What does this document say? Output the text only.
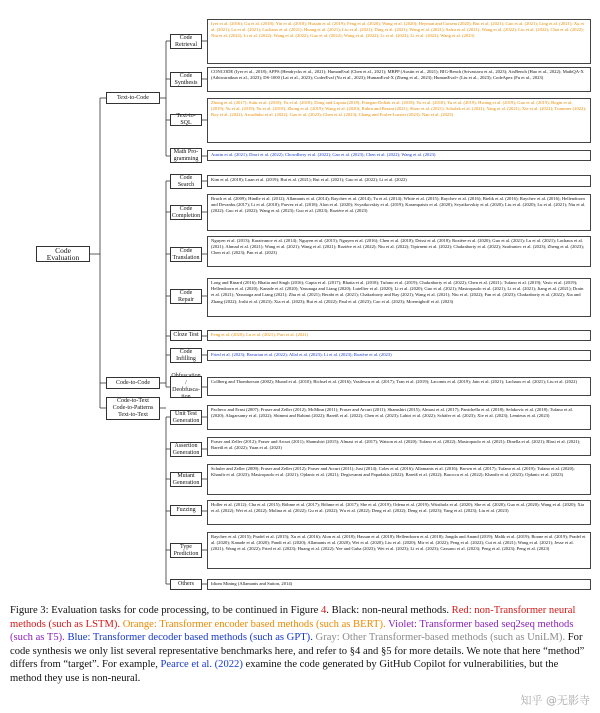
Code Evaluation
Text-to-Code
Code-to-Code
Code-to-Text
Code-to-Patterns
Text-to-Text
Code
Retrieval
Code
Synthesis
Text-to-SQL
Math Pro-
gramming
Code
Search
Code
Completion
Code
Translation
Code
Repair
Cloze Test
Code
Infilling
Obfuscation
/ Deobfusca-
tion
Unit Test
Generation
Assertion
Generation
Mutant
Generation
Fuzzing
Type
Prediction
Others
Iyer et al. (2016); Gu et al. (2018); Yin et al. (2018); Husain et al. (2019); Feng et al. (2020); Wang et al. (2020); Heyman and Cutsem (2020); Bui et al. (2021); Guo et al. (2021); Ling et al. (2021); Xu et al. (2021); Lu et al. (2021); Lachaux et al. (2021); Huang et al. (2021); Liu et al. (2021); Ding et al. (2021); Wang et al. (2021); Salza et al. (2021); Wang et al. (2022); Liu et al. (2022); Chai et al. (2022); Niu et al. (2022); Li et al. (2022); Wang et al. (2022); Guo et al. (2022); Wang et al. (2022); Li et al. (2022); Li et al. (2022); Wang et al. (2023)
CONCODE (Iyer et al., 2018); APPS (Hendrycks et al., 2021); HumanEval (Chen et al., 2021); MBPP (Austin et al., 2021); BIG-Bench (Srivastava et al., 2023); AixBench (Hao et al., 2022); MathQA-X (Athiwaratkun et al., 2023); DS-1000 (Lai et al., 2023); CoderEval (Yu et al., 2023); HumanEval-X (Zheng et al., 2023); HumanEval+ (Liu et al., 2023); CodeApex (Fu et al., 2023)
Zhong et al. (2017); Suhr et al. (2018); Yu et al. (2018); Dong and Lapata (2018); Finegan-Dollak et al. (2018); Yu et al. (2018); Yu et al. (2019); Hwang et al. (2019); Guo et al. (2019); Bogin et al. (2019); Yu et al. (2019); Yu et al. (2019); Zhong et al. (2019); Wang et al. (2020); Rubin and Berant (2021); Shaw et al. (2021); Scholak et al. (2021); Yang et al. (2021); Xie et al. (2022); Trummer (2022); Roy et al. (2022); Arcadinho et al. (2022); Gao et al. (2023); Chen et al. (2023); Chang and Fosler-Lussier (2023); Nan et al. (2023)
Austin et al. (2021); Drori et al. (2022); Chowdhery et al. (2022); Gao et al. (2023); Chen et al. (2022); Wang et al. (2023)
Kim et al. (2018); Luan et al. (2019); Bui et al. (2021); Bui et al. (2021); Guo et al. (2022); Li et al. (2022)
Bruch et al. (2009); Hindle et al. (2012); Allamanis et al. (2014); Raychev et al. (2014); Tu et al. (2014); White et al. (2015); Raychev et al. (2016); Bielik et al. (2016); Raychev et al. (2016); Hellendoorn and Devanbu (2017); Li et al. (2018); Parvez et al. (2018); Alon et al. (2020); Svyatkovskiy et al. (2019); Karampatsis et al. (2020); Svyatkovskiy et al. (2020); Liu et al. (2020); Lu et al. (2021); Niu et al. (2022); Guo et al. (2022); Wang et al. (2023); Guo et al. (2023); Rozière et al. (2023)
Nguyen et al. (2013); Karaivanov et al. (2014); Nguyen et al. (2015); Nguyen et al. (2016); Chen et al. (2018); Drissi et al. (2018); Rozière et al. (2020); Guo et al. (2021); Lu et al. (2021); Lachaux et al. (2021); Ahmad et al. (2021); Wang et al. (2021); Wang et al. (2021); Rozière et al. (2022); Niu et al. (2022); Tipirneni et al. (2022); Chakraborty et al. (2022); Szafraniec et al. (2023); Zheng et al. (2023); Chen et al. (2023); Pan et al. (2023)
Long and Rinard (2016); Bhatia and Singh (2016); Gupta et al. (2017); Bhatia et al. (2018); Tufano et al. (2019); Chakraborty et al. (2022); Chen et al. (2021); Tufano et al. (2019); Vasic et al. (2019); Hellendoorn et al. (2020); Kanade et al. (2020); Yasunaga and Liang (2020); Lutellier et al. (2020); Li et al. (2020); Guo et al. (2021); Mastropaolo et al. (2021); Li et al. (2021); Jiang et al. (2021); Drain et al. (2021); Yasunaga and Liang (2021); Zhu et al. (2021); Berabi et al. (2021); Chakraborty and Ray (2021); Wang et al. (2021); Niu et al. (2022); Fan et al. (2023); Chakraborty et al. (2022); Xia and Zhang (2022); Joshi et al. (2023); Xia et al. (2023); Bui et al. (2022); Paul et al. (2023); Cao et al. (2023); Moernighoff et al. (2023)
Feng et al. (2020); Lu et al. (2021); Puri et al. (2021)
Fried et al. (2023); Bavarian et al. (2022); Allal et al. (2023); Li et al. (2023); Rozière et al. (2023)
Collberg and Thomborson (2002); Murad et al. (2010); Bichsel et al. (2016); Vasilescu et al. (2017); Tran et al. (2019); Lacomis et al. (2019); Jain et al. (2021); Lachaux et al. (2021); Liu et al. (2022)
Pacheco and Ernst (2007); Fraser and Zeller (2012); McMinn (2011); Fraser and Arcuri (2011); Shamshiri (2015); Almasi et al. (2017); Panichella et al. (2018); Selakovic et al. (2018); Tufano et al. (2020); Alagarsamy et al. (2022); Shimmi and Rahimi (2022); Bareiß et al. (2022); Chen et al. (2023); Lahiri et al. (2022); Schäfer et al. (2023); Xie et al. (2023); Lemieux et al. (2023)
Fraser and Zeller (2012); Fraser and Arcuri (2011); Shamshiri (2015); Almasi et al. (2017); Watson et al. (2020); Tufano et al. (2022); Mastropaolo et al. (2021); Dinella et al. (2021); Blasi et al. (2021); Bareiß et al. (2022); Yuan et al. (2023)
Schuler and Zeller (2009); Fraser and Zeller (2012); Fraser and Arcuri (2011); Just (2014); Coles et al. (2016); Allamanis et al. (2016); Brown et al. (2017); Tufano et al. (2019); Tufano et al. (2020); Khanfir et al. (2023); Mastropaolo et al. (2021); Ojdanic et al. (2021); Degiovanni and Papadakis (2022); Bareiß et al. (2022); Baroccu et al. (2022); Khanfir et al. (2023); Ojdanic et al. (2023)
Holler et al. (2012); Cha et al. (2015); Böhme et al. (2017); Böhme et al. (2017); She et al. (2019); Odena et al. (2019); Wüstholz et al. (2020); She et al. (2020); Guo et al. (2020); Wang et al. (2020); Xia et al. (2022); Wei et al. (2022); Molina et al. (2022); Gu et al. (2022); Wu et al. (2022); Deng et al. (2022); Deng et al. (2023); Yang et al. (2023); Liu et al. (2023)
Raychev et al. (2015); Pradel et al. (2015); Xu et al. (2016); Alon et al. (2018); Hassan et al. (2018); Hellendoorn et al. (2018); Jangda and Anand (2019); Malik et al. (2019); Boone et al. (2019); Pradel et al. (2020); Kanade et al. (2020); Pandi et al. (2020); Allamanis et al. (2020); Wei et al. (2020); Liu et al. (2020); Mir et al. (2022); Peng et al. (2022); Cui et al. (2021); Wang et al. (2021); Jesse et al. (2021); Wang et al. (2022); Fried et al. (2023); Huang et al. (2022); Yee and Guha (2023); Wei et al. (2023); Li et al. (2023); Cassano et al. (2023); Peng et al. (2023); Peng et al. (2023)
Idiom Mining (Allamanis and Sutton, 2014)
Figure 3: Evaluation tasks for code processing, to be continued in Figure 4. Black: non-neural methods. Red: non-Transformer neural methods (such as LSTM). Orange: Transformer encoder based methods (such as BERT). Violet: Transformer based seq2seq methods (such as T5). Blue: Transformer decoder based methods (such as GPT). Gray: Other Transformer-based methods (such as UniLM). For code synthesis we only list several representative benchmarks here, and refer to §4 and §5 for more details. We note that here “method” differs from “target”. For example, Pearce et al. (2022) examine the code generated by GitHub Copilot for vulnerabilities, but the method they use is non-neural.
知乎 @无影寺
